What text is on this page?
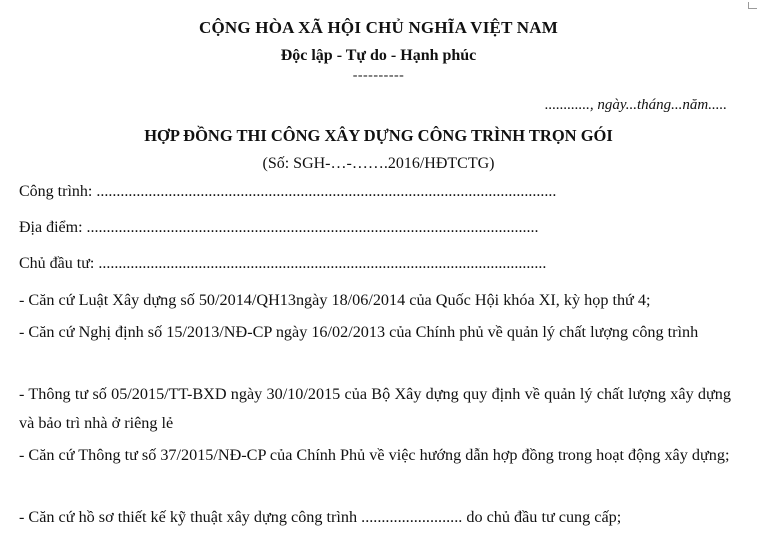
CỘNG HÒA XÃ HỘI CHỦ NGHĨA VIỆT NAM
Độc lập - Tự do - Hạnh phúc
----------
............, ngày...tháng...năm.....
HỢP ĐỒNG THI CÔNG XÂY DỰNG CÔNG TRÌNH TRỌN GÓI
(Số: SGH-…-…….2016/HĐTCTG)
Công trình: ...................................................................................................................
Địa điểm: .................................................................................................................
Chủ đầu tư: ................................................................................................................
- Căn cứ Luật Xây dựng số 50/2014/QH13ngày 18/06/2014 của Quốc Hội khóa XI, kỳ họp thứ 4;
- Căn cứ Nghị định số 15/2013/NĐ-CP ngày 16/02/2013 của Chính phủ về quản lý chất lượng công trình
- Thông tư số 05/2015/TT-BXD ngày 30/10/2015 của Bộ Xây dựng quy định về quản lý chất lượng xây dựng và bảo trì nhà ở riêng lẻ
- Căn cứ Thông tư số 37/2015/NĐ-CP của Chính Phủ về việc hướng dẫn hợp đồng trong hoạt động xây dựng;
- Căn cứ hồ sơ thiết kế kỹ thuật xây dựng công trình ......................... do chủ đầu tư cung cấp;
